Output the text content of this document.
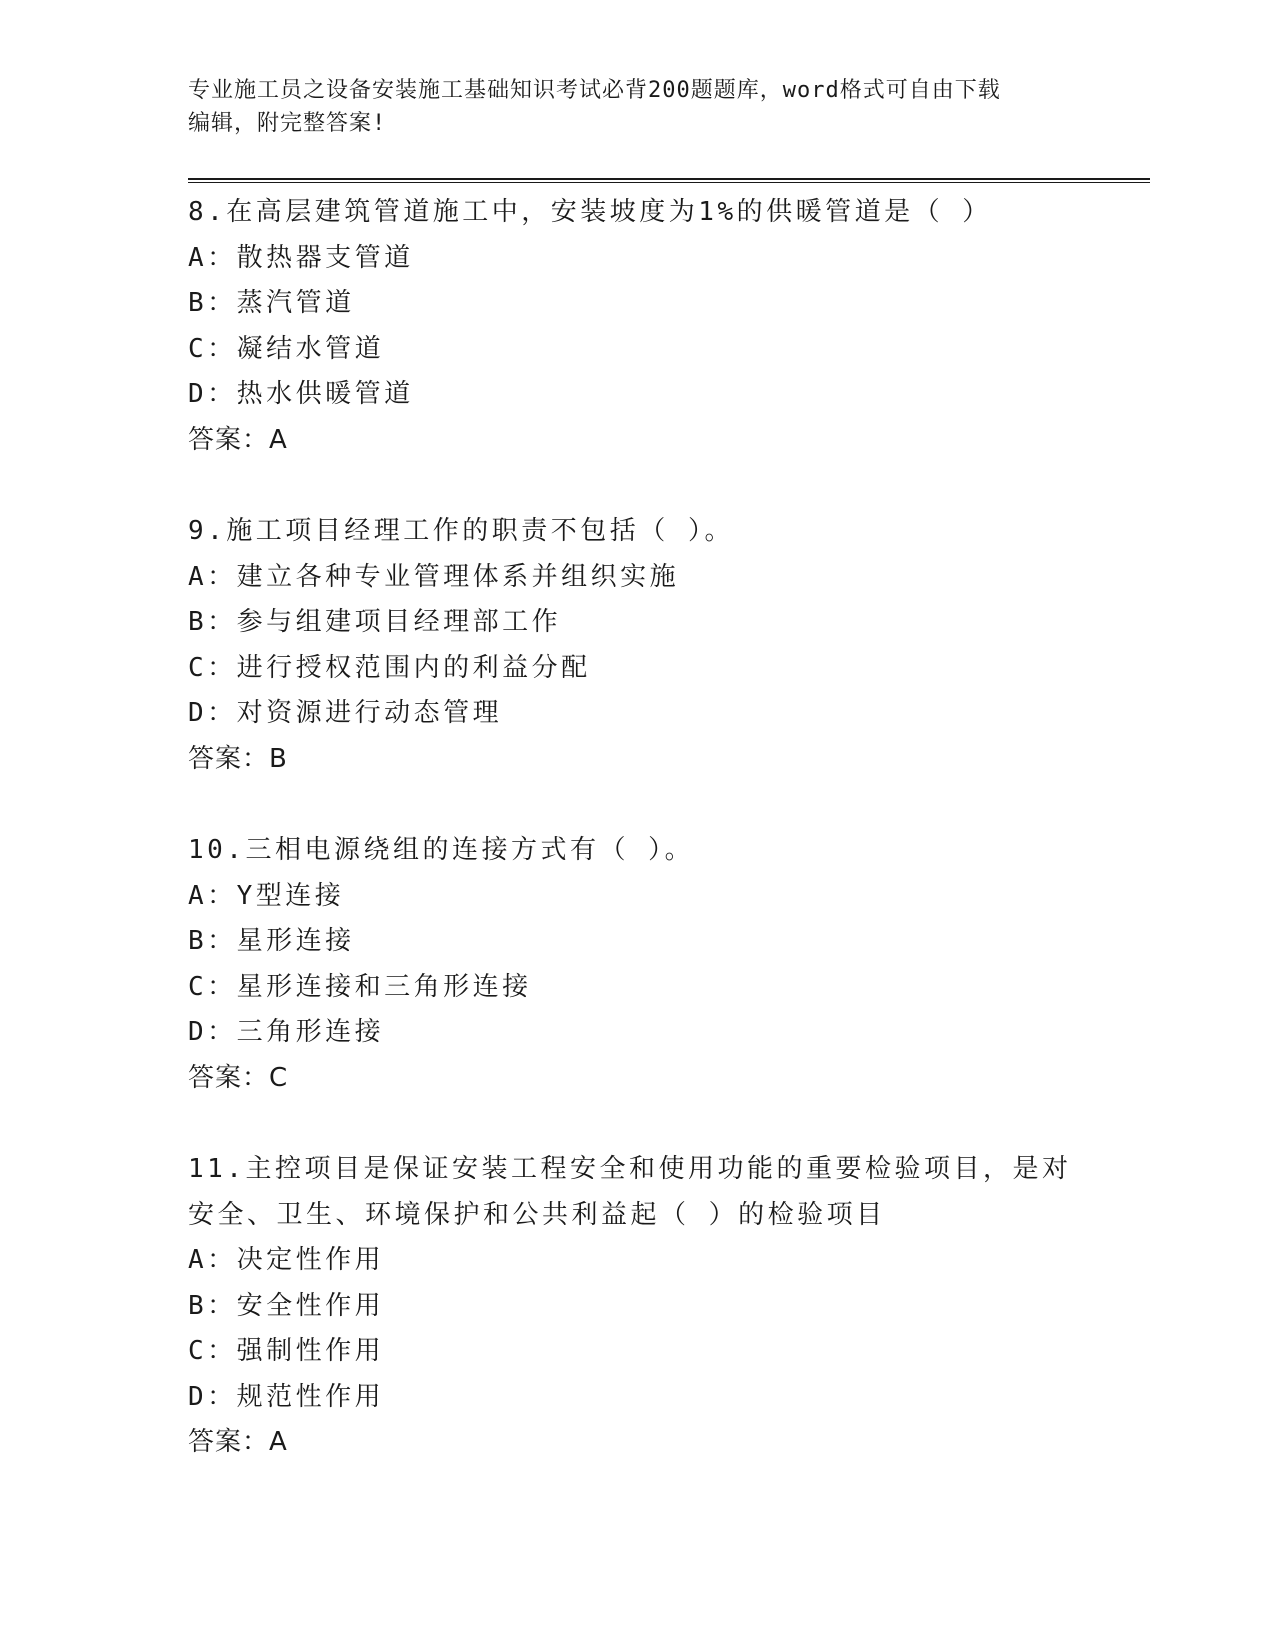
专业施工员之设备安装施工基础知识考试必背200题题库，word格式可自由下载
编辑，附完整答案!

8.在高层建筑管道施工中，安装坡度为1%的供暖管道是（ ）

A：散热器支管道

B：蒸汽管道

C：凝结水管道

D：热水供暖管道

答案：A

9.施工项目经理工作的职责不包括（ ）。

A：建立各种专业管理体系并组织实施

B：参与组建项目经理部工作

C：进行授权范围内的利益分配

D：对资源进行动态管理

答案：B

10.三相电源绕组的连接方式有（ ）。

A：Y型连接

B：星形连接

C：星形连接和三角形连接

D：三角形连接

答案：C

11.主控项目是保证安装工程安全和使用功能的重要检验项目，是对安全、卫生、环境保护和公共利益起（ ）的检验项目

A：决定性作用

B：安全性作用

C：强制性作用

D：规范性作用

答案：A
